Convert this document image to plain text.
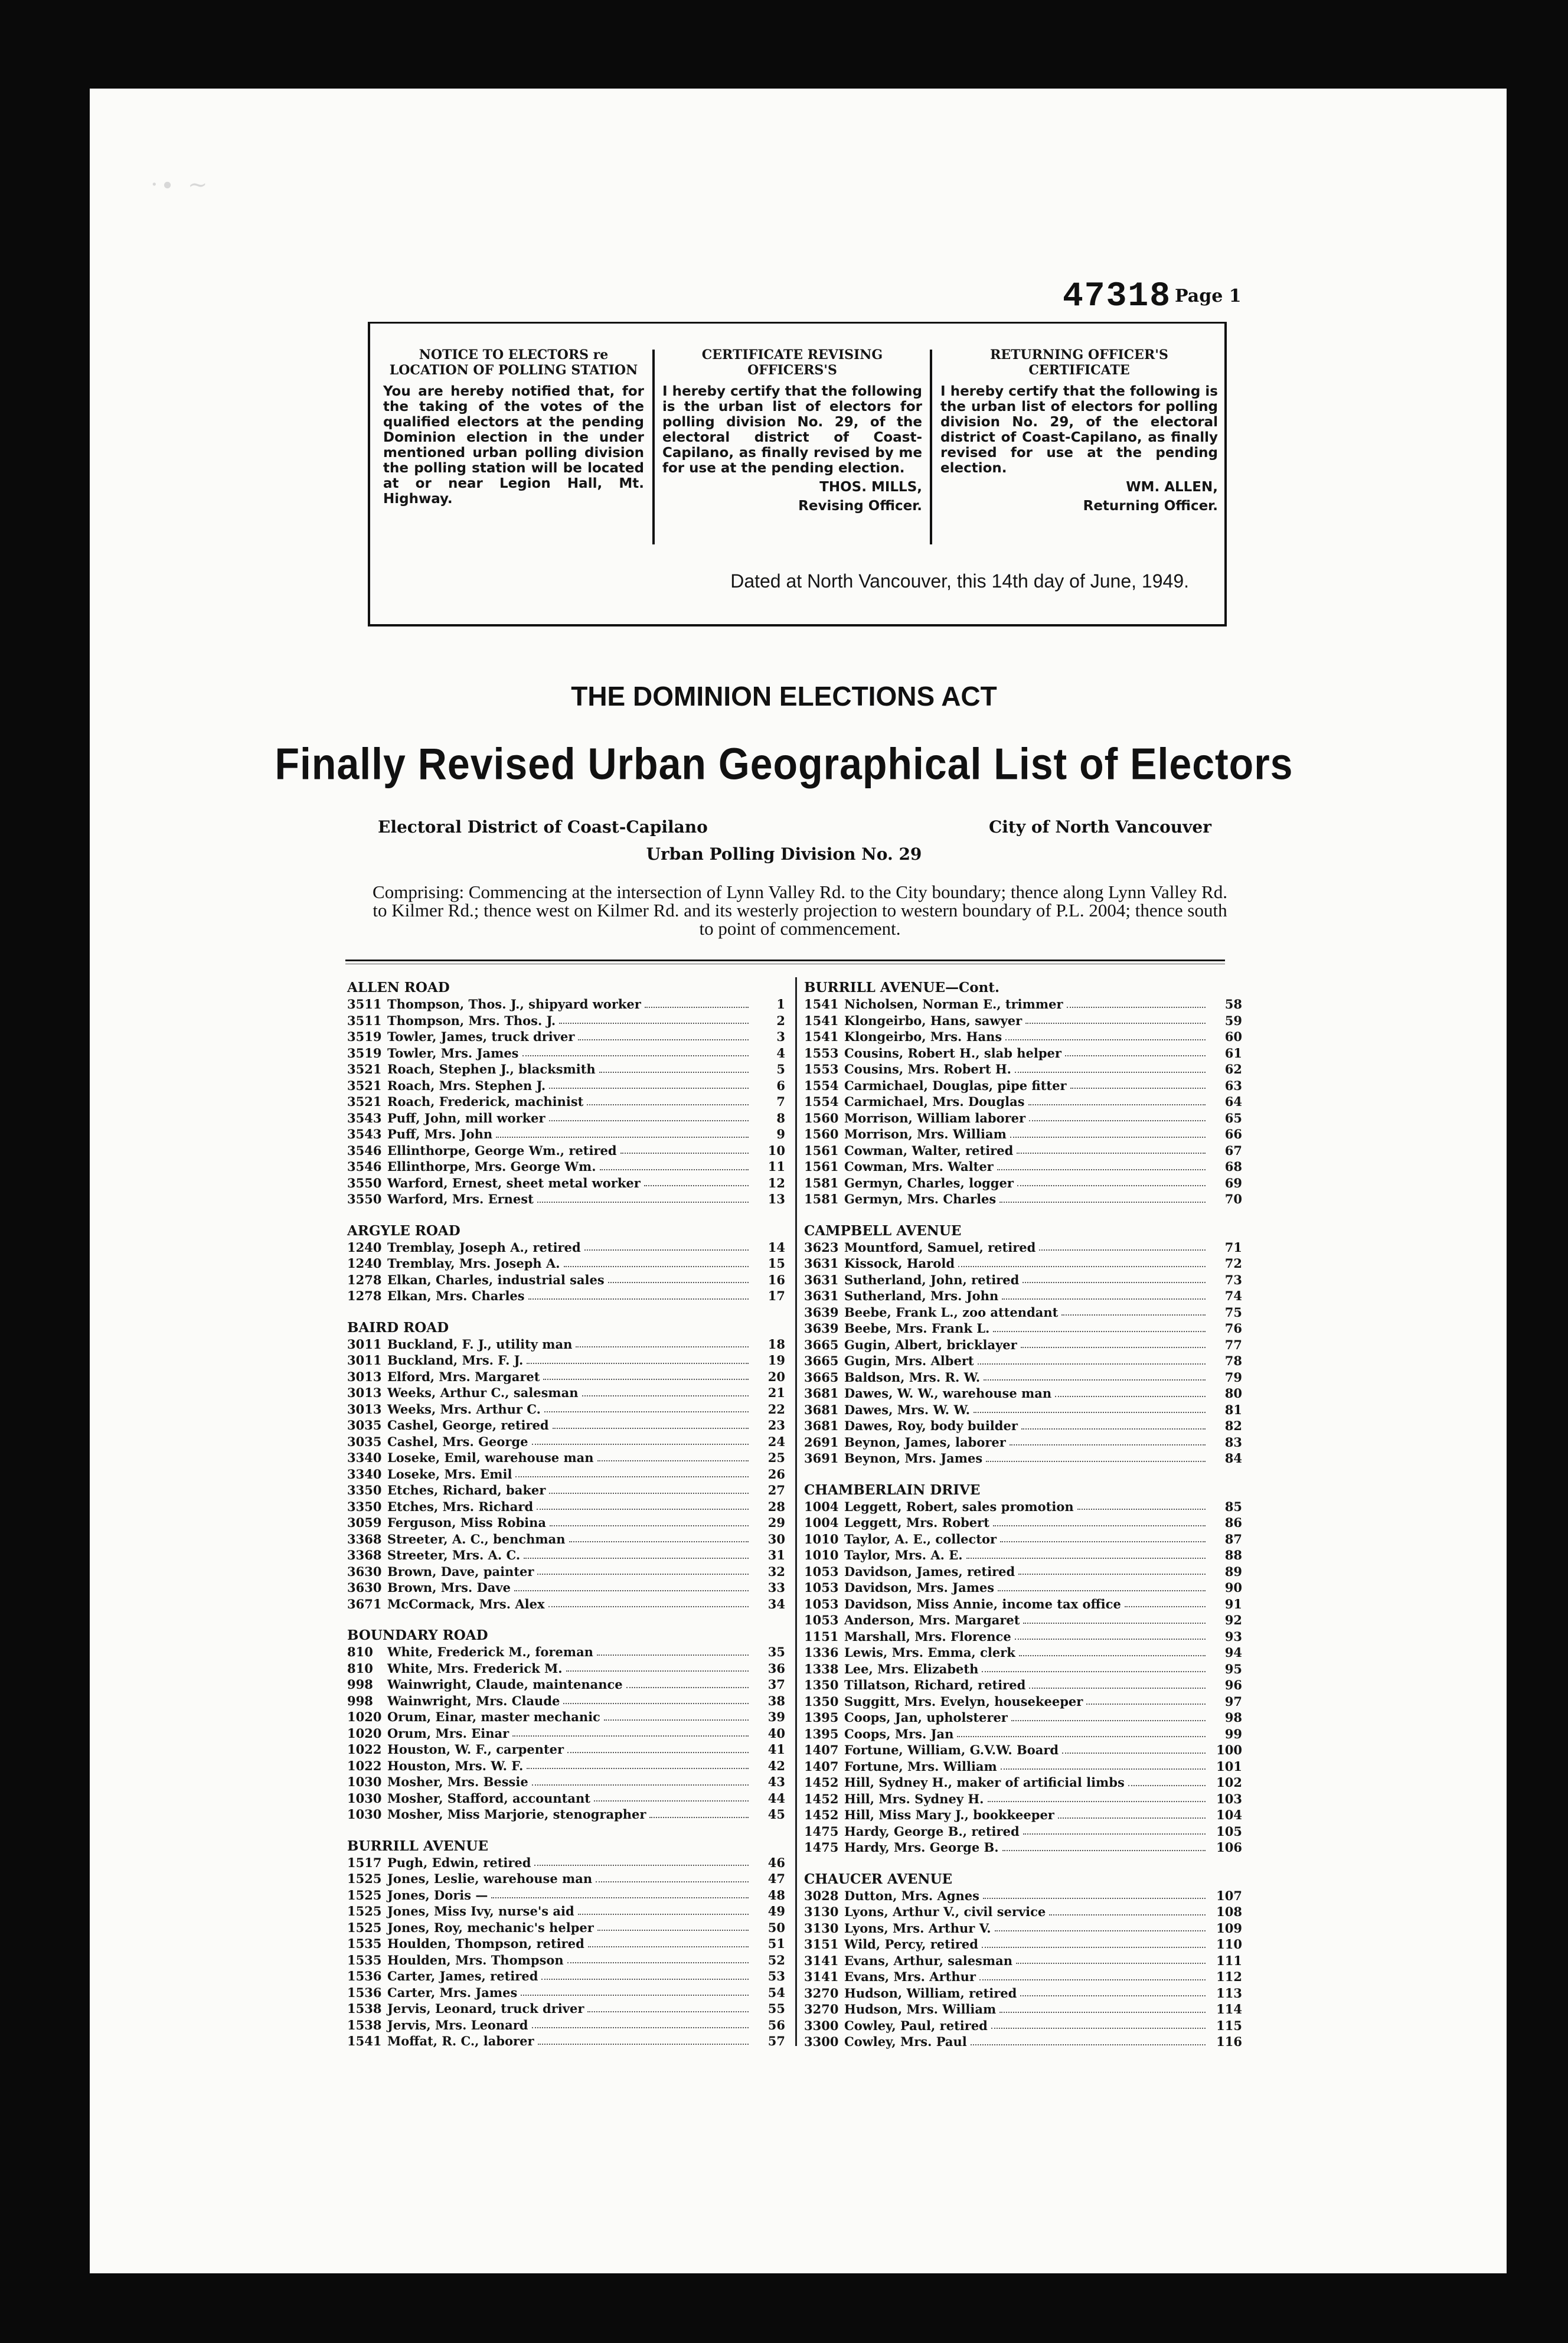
·∙ ~
47318 Page 1
NOTICE TO ELECTORS re LOCATION OF POLLING STATION
You are hereby notified that, for the taking of the votes of the qualified electors at the pending Dominion election in the under mentioned urban polling division the polling station will be located at or near Legion Hall, Mt. Highway.
CERTIFICATE REVISING OFFICERS'S
I hereby certify that the following is the urban list of electors for polling division No. 29, of the electoral district of Coast-Capilano, as finally revised by me for use at the pending election.
THOS. MILLS,
Revising Officer.
RETURNING OFFICER'S CERTIFICATE
I hereby certify that the following is the urban list of electors for polling division No. 29, of the electoral district of Coast-Capilano, as finally revised for use at the pending election.
WM. ALLEN,
Returning Officer.
Dated at North Vancouver, this 14th day of June, 1949.
THE DOMINION ELECTIONS ACT
Finally Revised Urban Geographical List of Electors
Electoral District of Coast-Capilano	City of North Vancouver
Urban Polling Division No. 29
Comprising: Commencing at the intersection of Lynn Valley Rd. to the City boundary; thence along Lynn Valley Rd. to Kilmer Rd.; thence west on Kilmer Rd. and its westerly projection to western boundary of P.L. 2004; thence south to point of commencement.
ALLEN ROAD
3511 Thompson, Thos. J., shipyard worker	1
3511 Thompson, Mrs. Thos. J.	2
3519 Towler, James, truck driver	3
3519 Towler, Mrs. James	4
3521 Roach, Stephen J., blacksmith	5
3521 Roach, Mrs. Stephen J.	6
3521 Roach, Frederick, machinist	7
3543 Puff, John, mill worker	8
3543 Puff, Mrs. John	9
3546 Ellinthorpe, George Wm., retired	10
3546 Ellinthorpe, Mrs. George Wm.	11
3550 Warford, Ernest, sheet metal worker	12
3550 Warford, Mrs. Ernest	13
ARGYLE ROAD
1240 Tremblay, Joseph A., retired	14
1240 Tremblay, Mrs. Joseph A.	15
1278 Elkan, Charles, industrial sales	16
1278 Elkan, Mrs. Charles	17
BAIRD ROAD
3011 Buckland, F. J., utility man	18
3011 Buckland, Mrs. F. J.	19
3013 Elford, Mrs. Margaret	20
3013 Weeks, Arthur C., salesman	21
3013 Weeks, Mrs. Arthur C.	22
3035 Cashel, George, retired	23
3035 Cashel, Mrs. George	24
3340 Loseke, Emil, warehouse man	25
3340 Loseke, Mrs. Emil	26
3350 Etches, Richard, baker	27
3350 Etches, Mrs. Richard	28
3059 Ferguson, Miss Robina	29
3368 Streeter, A. C., benchman	30
3368 Streeter, Mrs. A. C.	31
3630 Brown, Dave, painter	32
3630 Brown, Mrs. Dave	33
3671 McCormack, Mrs. Alex	34
BOUNDARY ROAD
810	White, Frederick M., foreman	35
810	White, Mrs. Frederick M.	36
998	Wainwright, Claude, maintenance	37
998	Wainwright, Mrs. Claude	38
1020 Orum, Einar, master mechanic	39
1020 Orum, Mrs. Einar	40
1022 Houston, W. F., carpenter	41
1022 Houston, Mrs. W. F.	42
1030 Mosher, Mrs. Bessie	43
1030 Mosher, Stafford, accountant	44
1030 Mosher, Miss Marjorie, stenographer	45
BURRILL AVENUE
1517 Pugh, Edwin, retired	46
1525 Jones, Leslie, warehouse man	47
1525 Jones, Doris —	48
1525 Jones, Miss Ivy, nurse's aid	49
1525 Jones, Roy, mechanic's helper	50
1535 Houlden, Thompson, retired	51
1535 Houlden, Mrs. Thompson	52
1536 Carter, James, retired	53
1536 Carter, Mrs. James	54
1538 Jervis, Leonard, truck driver	55
1538 Jervis, Mrs. Leonard	56
1541 Moffat, R. C., laborer	57
BURRILL AVENUE—Cont.
1541 Nicholsen, Norman E., trimmer	58
1541 Klongeirbo, Hans, sawyer	59
1541 Klongeirbo, Mrs. Hans	60
1553 Cousins, Robert H., slab helper	61
1553 Cousins, Mrs. Robert H.	62
1554 Carmichael, Douglas, pipe fitter	63
1554 Carmichael, Mrs. Douglas	64
1560 Morrison, William laborer	65
1560 Morrison, Mrs. William	66
1561 Cowman, Walter, retired	67
1561 Cowman, Mrs. Walter	68
1581 Germyn, Charles, logger	69
1581 Germyn, Mrs. Charles	70
CAMPBELL AVENUE
3623 Mountford, Samuel, retired	71
3631 Kissock, Harold	72
3631 Sutherland, John, retired	73
3631 Sutherland, Mrs. John	74
3639 Beebe, Frank L., zoo attendant	75
3639 Beebe, Mrs. Frank L.	76
3665 Gugin, Albert, bricklayer	77
3665 Gugin, Mrs. Albert	78
3665 Baldson, Mrs. R. W.	79
3681 Dawes, W. W., warehouse man	80
3681 Dawes, Mrs. W. W.	81
3681 Dawes, Roy, body builder	82
2691 Beynon, James, laborer	83
3691 Beynon, Mrs. James	84
CHAMBERLAIN DRIVE
1004 Leggett, Robert, sales promotion	85
1004 Leggett, Mrs. Robert	86
1010 Taylor, A. E., collector	87
1010 Taylor, Mrs. A. E.	88
1053 Davidson, James, retired	89
1053 Davidson, Mrs. James	90
1053 Davidson, Miss Annie, income tax office	91
1053 Anderson, Mrs. Margaret	92
1151 Marshall, Mrs. Florence	93
1336 Lewis, Mrs. Emma, clerk	94
1338 Lee, Mrs. Elizabeth	95
1350 Tillatson, Richard, retired	96
1350 Suggitt, Mrs. Evelyn, housekeeper	97
1395 Coops, Jan, upholsterer	98
1395 Coops, Mrs. Jan	99
1407 Fortune, William, G.V.W. Board	100
1407 Fortune, Mrs. William	101
1452 Hill, Sydney H., maker of artificial limbs	102
1452 Hill, Mrs. Sydney H.	103
1452 Hill, Miss Mary J., bookkeeper	104
1475 Hardy, George B., retired	105
1475 Hardy, Mrs. George B.	106
CHAUCER AVENUE
3028 Dutton, Mrs. Agnes	107
3130 Lyons, Arthur V., civil service	108
3130 Lyons, Mrs. Arthur V.	109
3151 Wild, Percy, retired	110
3141 Evans, Arthur, salesman	111
3141 Evans, Mrs. Arthur	112
3270 Hudson, William, retired	113
3270 Hudson, Mrs. William	114
3300 Cowley, Paul, retired	115
3300 Cowley, Mrs. Paul	116
